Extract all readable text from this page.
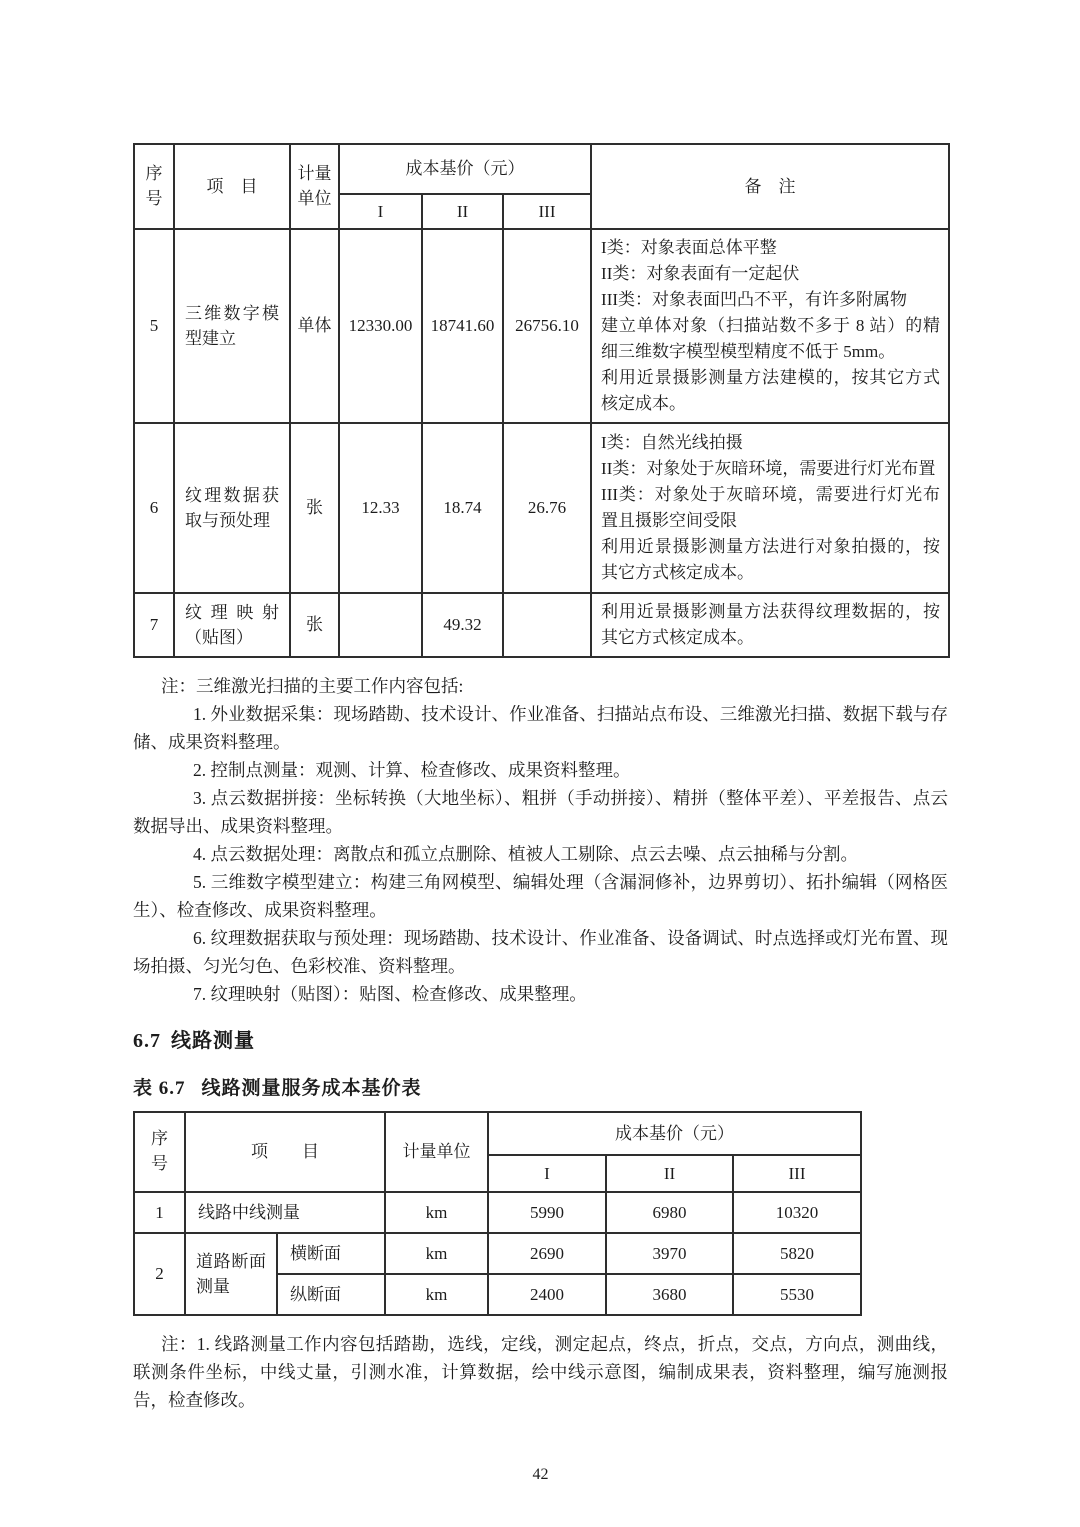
序号	项　目	计量单位	成本基价（元）			备　注
			I	II	III	
5	三维数字模型建立	单体	12330.00	18741.60	26756.10	I类：对象表面总体平整
II类：对象表面有一定起伏
III类：对象表面凹凸不平，有许多附属物
建立单体对象（扫描站数不多于 8 站）的精细三维数字模型模型精度不低于 5mm。
利用近景摄影测量方法建模的，按其它方式核定成本。

6	纹理数据获取与预处理	张	12.33	18.74	26.76	I类：自然光线拍摄
II类：对象处于灰暗环境，需要进行灯光布置
III类：对象处于灰暗环境，需要进行灯光布置且摄影空间受限
利用近景摄影测量方法进行对象拍摄的，按其它方式核定成本。

7	纹理映射（贴图）	张		49.32		利用近景摄影测量方法获得纹理数据的，按其它方式核定成本。

注：三维激光扫描的主要工作内容包括:

1. 外业数据采集：现场踏勘、技术设计、作业准备、扫描站点布设、三维激光扫描、数据下载与存储、成果资料整理。

2. 控制点测量：观测、计算、检查修改、成果资料整理。

3. 点云数据拼接：坐标转换（大地坐标）、粗拼（手动拼接）、精拼（整体平差）、平差报告、点云数据导出、成果资料整理。

4. 点云数据处理：离散点和孤立点删除、植被人工剔除、点云去噪、点云抽稀与分割。

5. 三维数字模型建立：构建三角网模型、编辑处理（含漏洞修补，边界剪切）、拓扑编辑（网格医生）、检查修改、成果资料整理。

6. 纹理数据获取与预处理：现场踏勘、技术设计、作业准备、设备调试、时点选择或灯光布置、现场拍摄、匀光匀色、色彩校准、资料整理。

7. 纹理映射（贴图）：贴图、检查修改、成果整理。

6.7 线路测量
表 6.7 线路测量服务成本基价表
序号	项　　目		计量单位	成本基价（元）		
				I	II	III
1	线路中线测量		km	5990	6980	10320
2	道路断面测量	横断面	km	2690	3970	5820
		纵断面	km	2400	3680	5530

注：1. 线路测量工作内容包括踏勘，选线，定线，测定起点，终点，折点，交点，方向点，测曲线，联测条件坐标，中线丈量，引测水准，计算数据，绘中线示意图，编制成果表，资料整理，编写施测报告，检查修改。

42
